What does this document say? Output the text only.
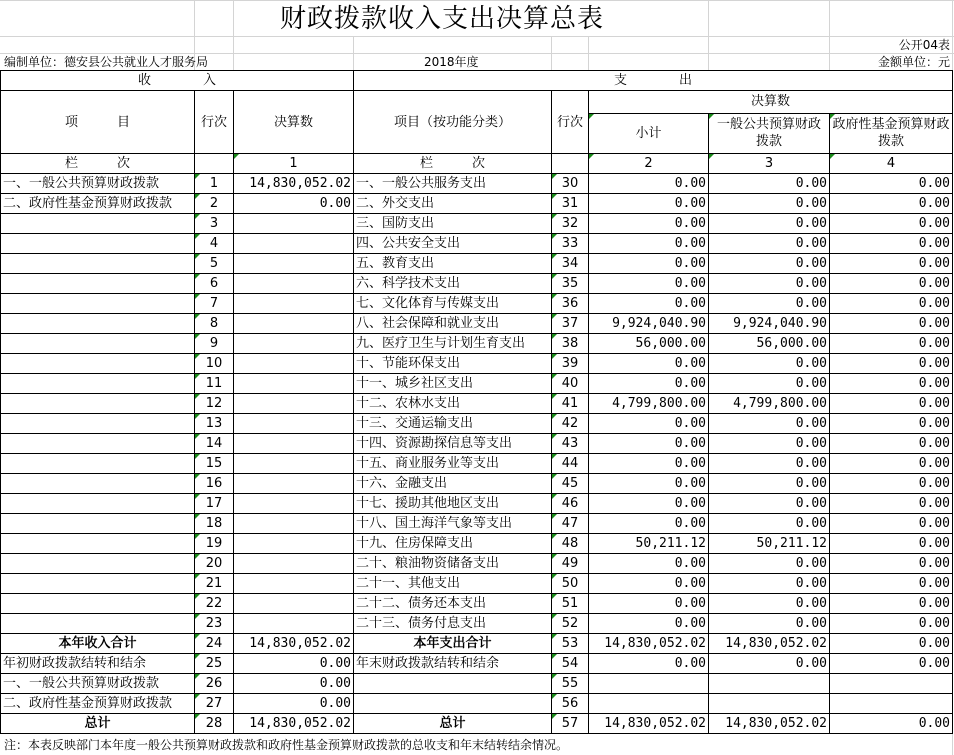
财政拨款收入支出决算总表
公开04表
编制单位：德安县公共就业人才服务局	2018年度	金额单位：元
收　　　　入			支　　　　出				
项　　　目	行次	决算数	项目（按功能分类）	行次	决算数		
					小计	一般公共预算财政拨款	政府性基金预算财政拨款
栏　　　次		1	栏　　　次		2	3	4
一、一般公共预算财政拨款	1	14,830,052.02	一、一般公共服务支出	30	0.00	0.00	0.00
二、政府性基金预算财政拨款	2	0.00	二、外交支出	31	0.00	0.00	0.00
	3		三、国防支出	32	0.00	0.00	0.00
	4		四、公共安全支出	33	0.00	0.00	0.00
	5		五、教育支出	34	0.00	0.00	0.00
	6		六、科学技术支出	35	0.00	0.00	0.00
	7		七、文化体育与传媒支出	36	0.00	0.00	0.00
	8		八、社会保障和就业支出	37	9,924,040.90	9,924,040.90	0.00
	9		九、医疗卫生与计划生育支出	38	56,000.00	56,000.00	0.00
	10		十、节能环保支出	39	0.00	0.00	0.00
	11		十一、城乡社区支出	40	0.00	0.00	0.00
	12		十二、农林水支出	41	4,799,800.00	4,799,800.00	0.00
	13		十三、交通运输支出	42	0.00	0.00	0.00
	14		十四、资源勘探信息等支出	43	0.00	0.00	0.00
	15		十五、商业服务业等支出	44	0.00	0.00	0.00
	16		十六、金融支出	45	0.00	0.00	0.00
	17		十七、援助其他地区支出	46	0.00	0.00	0.00
	18		十八、国土海洋气象等支出	47	0.00	0.00	0.00
	19		十九、住房保障支出	48	50,211.12	50,211.12	0.00
	20		二十、粮油物资储备支出	49	0.00	0.00	0.00
	21		二十一、其他支出	50	0.00	0.00	0.00
	22		二十二、债务还本支出	51	0.00	0.00	0.00
	23		二十三、债务付息支出	52	0.00	0.00	0.00
本年收入合计	24	14,830,052.02	本年支出合计	53	14,830,052.02	14,830,052.02	0.00
年初财政拨款结转和结余	25	0.00	年末财政拨款结转和结余	54	0.00	0.00	0.00
一、一般公共预算财政拨款	26	0.00		55			
二、政府性基金预算财政拨款	27	0.00		56			
总计	28	14,830,052.02	总计	57	14,830,052.02	14,830,052.02	0.00
注：本表反映部门本年度一般公共预算财政拨款和政府性基金预算财政拨款的总收支和年末结转结余情况。
